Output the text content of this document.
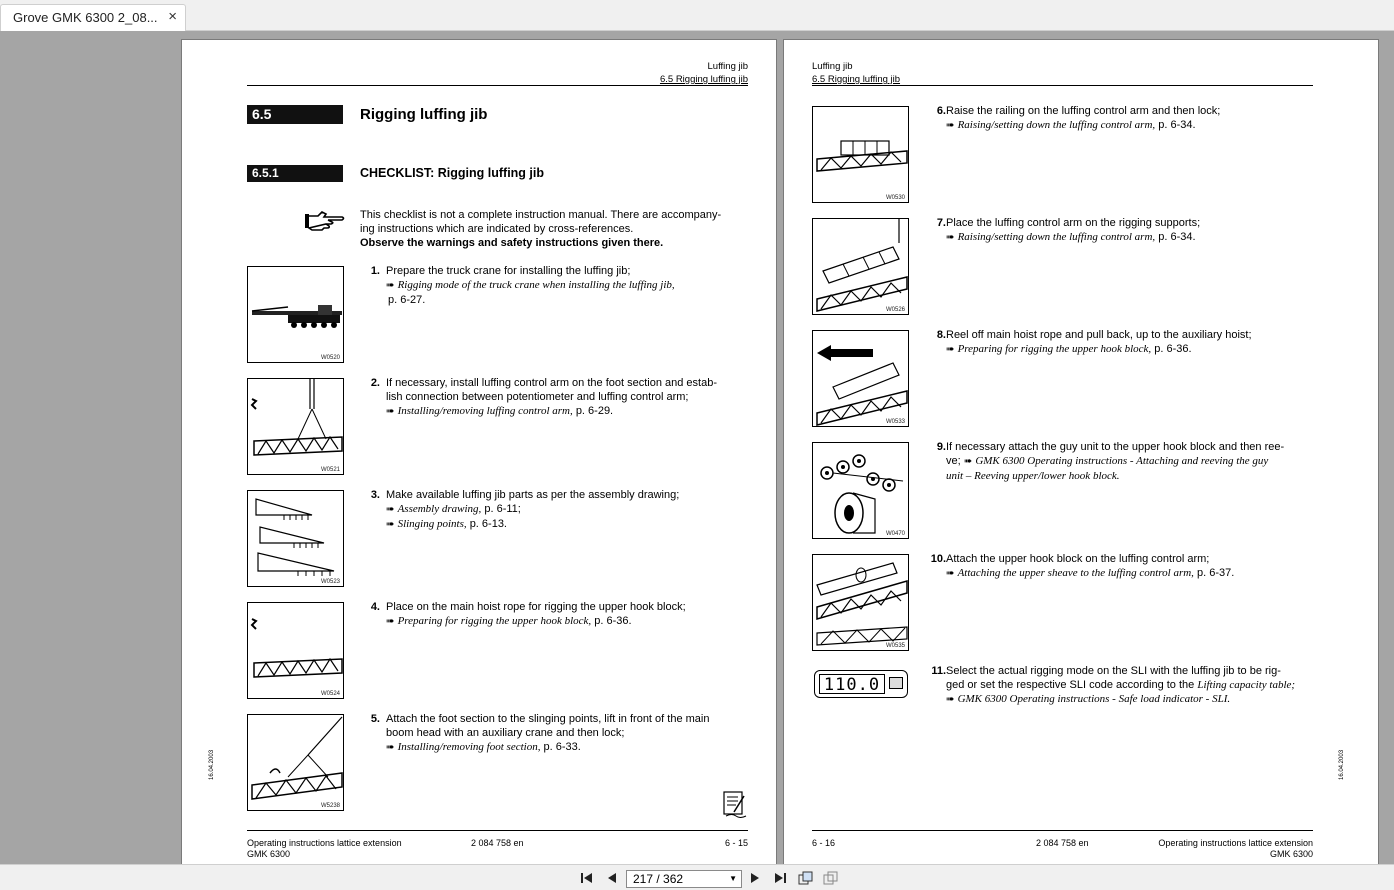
Grove GMK 6300 2_08... ×
Luffing jib
6.5 Rigging luffing jib
6.5	Rigging luffing jib
6.5.1	CHECKLIST: Rigging luffing jib
This checklist is not a complete instruction manual. There are accompany-
ing instructions which are indicated by cross-references.
Observe the warnings and safety instructions given there.
W0520
1. Prepare the truck crane for installing the luffing jib;
➠ Rigging mode of the truck crane when installing the luffing jib,
p. 6-27.
W0521
2. If necessary, install luffing control arm on the foot section and estab-
lish connection between potentiometer and luffing control arm;
➠ Installing/removing luffing control arm, p. 6-29.
W0523
3. Make available luffing jib parts as per the assembly drawing;
➠ Assembly drawing, p. 6-11;
➠ Slinging points, p. 6-13.
W0524
4. Place on the main hoist rope for rigging the upper hook block;
➠ Preparing for rigging the upper hook block, p. 6-36.
W5238
5. Attach the foot section to the slinging points, lift in front of the main
boom head with an auxiliary crane and then lock;
➠ Installing/removing foot section, p. 6-33.
16.04.2003
Operating instructions lattice extension
GMK 6300
2 084 758 en	6 - 15
Luffing jib
6.5 Rigging luffing jib
W0530
6. Raise the railing on the luffing control arm and then lock;
➠ Raising/setting down the luffing control arm, p. 6-34.
W0526
7. Place the luffing control arm on the rigging supports;
➠ Raising/setting down the luffing control arm, p. 6-34.
W0533
8. Reel off main hoist rope and pull back, up to the auxiliary hoist;
➠ Preparing for rigging the upper hook block, p. 6-36.
W0470
9. If necessary attach the guy unit to the upper hook block and then ree-
ve; ➠ GMK 6300 Operating instructions - Attaching and reeving the guy
unit – Reeving upper/lower hook block.
W0535
10. Attach the upper hook block on the luffing control arm;
➠ Attaching the upper sheave to the luffing control arm, p. 6-37.
110.0
11. Select the actual rigging mode on the SLI with the luffing jib to be rig-
ged or set the respective SLI code according to the Lifting capacity table;
➠ GMK 6300 Operating instructions - Safe load indicator - SLI.
16.04.2003
6 - 16	2 084 758 en	Operating instructions lattice extension
GMK 6300
217 / 362	▼
